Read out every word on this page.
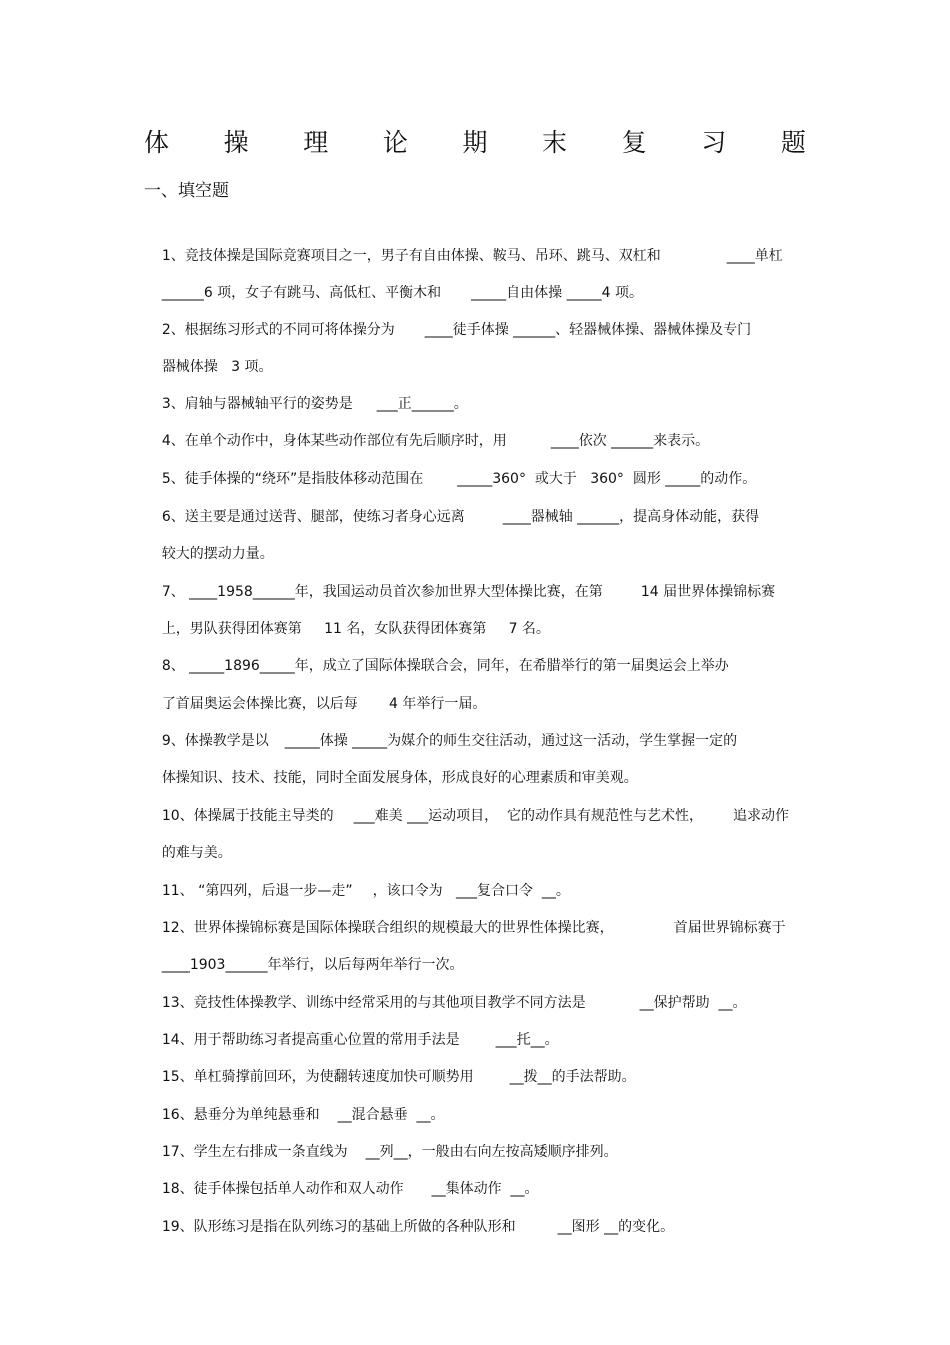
体 操 理 论 期 末 复 习 题
一、填空题

1、竞技体操是国际竞赛项目之一，男子有自由体操、鞍马、吊环、跳马、双杠和	____单杠

______6 项，女子有跳马、高低杠、平衡木和 _____自由体操 _____4 项。

2、根据练习形式的不同可将体操分为 ____徒手体操 ______、轻器械体操、器械体操及专门

器械体操   3 项。

3、肩轴与器械轴平行的姿势是 ___正______。

4、在单个动作中，身体某些动作部位有先后顺序时，用	____依次 ______来表示。

5、徒手体操的“绕环”是指肢体移动范围在 _____360°  或大于   360°  圆形 _____的动作。

6、送主要是通过送背、腿部，使练习者身心远离	____器械轴 ______，提高身体动能，获得

较大的摆动力量。

7、 ____1958______年，我国运动员首次参加世界大型体操比赛，在第	14 届世界体操锦标赛

上，男队获得团体赛第     11 名，女队获得团体赛第     7 名。

8、 _____1896_____年，成立了国际体操联合会，同年，在希腊举行的第一届奥运会上举办

了首届奥运会体操比赛，以后每       4 年举行一届。

9、体操教学是以 _____体操 _____为媒介的师生交往活动，通过这一活动，学生掌握一定的

体操知识、技术、技能，同时全面发展身体，形成良好的心理素质和审美观。

10、体操属于技能主导类的 ___难美 ___运动项目，  它的动作具有规范性与艺术性， 追求动作

的难与美。

11、 “第四列，后退一步—走” ，该口令为   ___复合口令  __。

12、世界体操锦标赛是国际体操联合组织的规模最大的世界性体操比赛，	首届世界锦标赛于

____1903______年举行，以后每两年举行一次。

13、竞技性体操教学、训练中经常采用的与其他项目教学不同方法是	__保护帮助  __。

14、用于帮助练习者提高重心位置的常用手法是	___托__。

15、单杠骑撑前回环，为使翻转速度加快可顺势用	__拨__的手法帮助。

16、悬垂分为单纯悬垂和 __混合悬垂  __。

17、学生左右排成一条直线为 __列__，一般由右向左按高矮顺序排列。

18、徒手体操包括单人动作和双人动作 __集体动作  __。

19、队形练习是指在队列练习的基础上所做的各种队形和	__图形 __的变化。
